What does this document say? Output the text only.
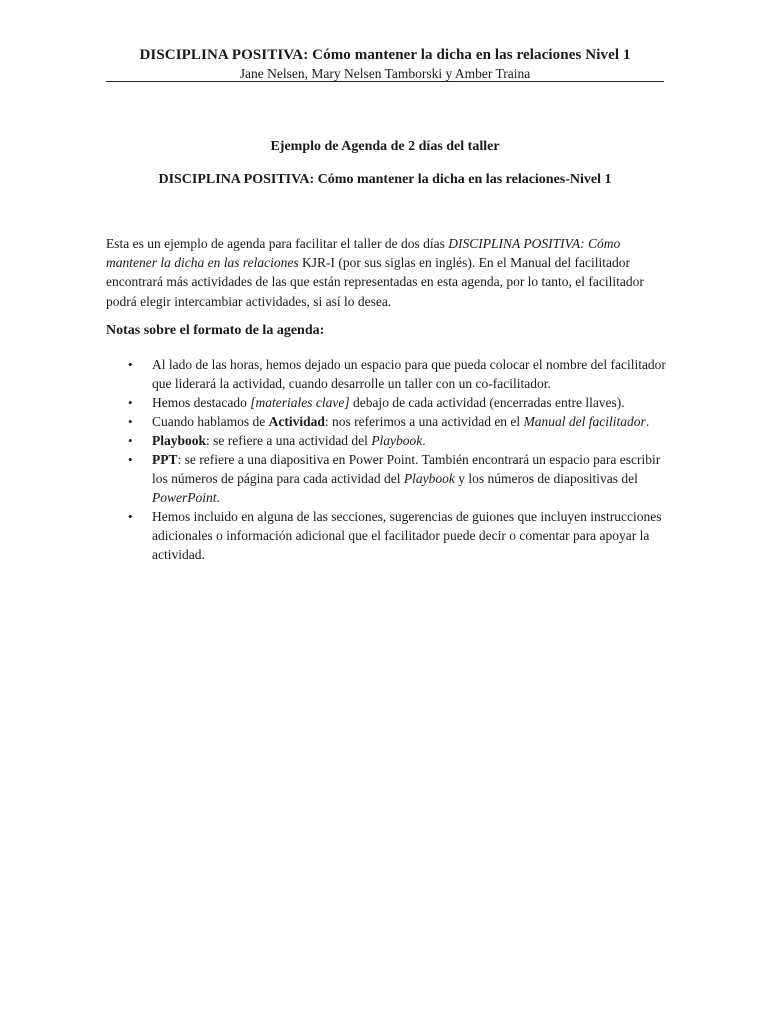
DISCIPLINA POSITIVA: Cómo mantener la dicha en las relaciones Nivel 1
Jane Nelsen, Mary Nelsen Tamborski y Amber Traina
Ejemplo de Agenda de 2 días del taller
DISCIPLINA POSITIVA: Cómo mantener la dicha en las relaciones-Nivel 1

Esta es un ejemplo de agenda para facilitar el taller de dos días DISCIPLINA POSITIVA: Cómo mantener la dicha en las relaciones KJR-I (por sus siglas en inglés). En el Manual del facilitador encontrará más actividades de las que están representadas en esta agenda, por lo tanto, el facilitador podrá elegir intercambiar actividades, si así lo desea.

Notas sobre el formato de la agenda:
• Al lado de las horas, hemos dejado un espacio para que pueda colocar el nombre del facilitador que liderará la actividad, cuando desarrolle un taller con un co-facilitador.
• Hemos destacado [materiales clave] debajo de cada actividad (encerradas entre llaves).
• Cuando hablamos de Actividad: nos referimos a una actividad en el Manual del facilitador.
• Playbook: se refiere a una actividad del Playbook.
• PPT: se refiere a una diapositiva en Power Point. También encontrará un espacio para escribir los números de página para cada actividad del Playbook y los números de diapositivas del PowerPoint.
• Hemos incluido en alguna de las secciones, sugerencias de guiones que incluyen instrucciones adicionales o información adicional que el facilitador puede decir o comentar para apoyar la actividad.
